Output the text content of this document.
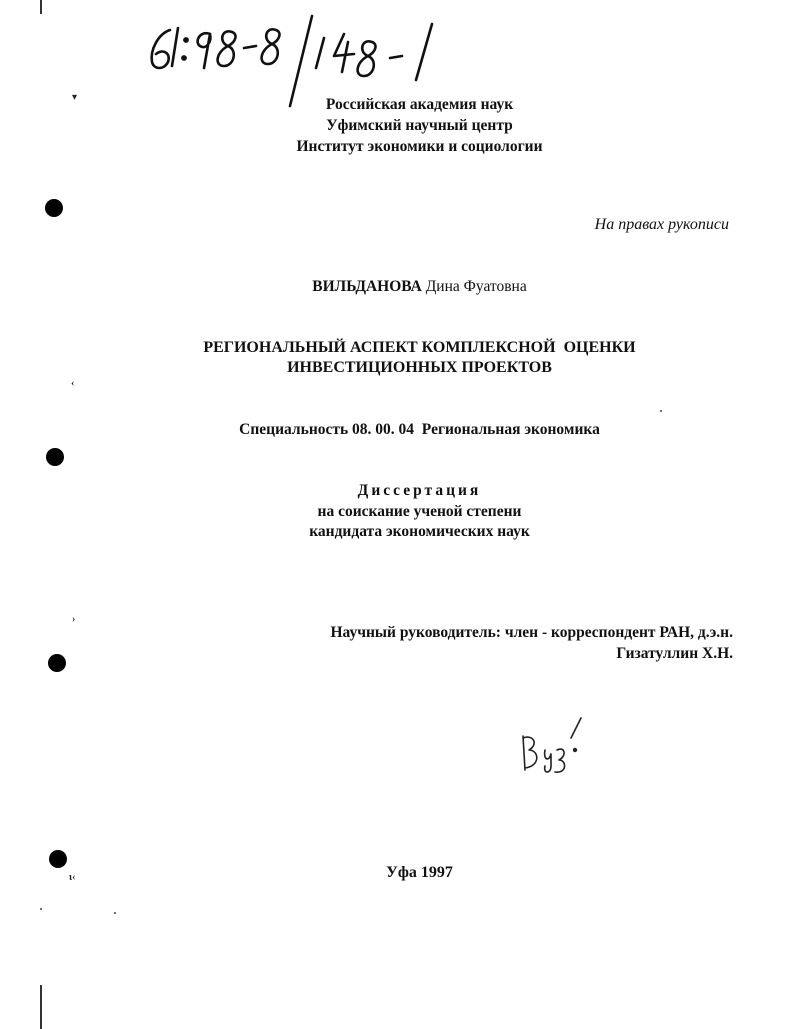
▾
‹
›
ι‹
Российская академия наук
Уфимский научный центр
Институт экономики и социологии
На правах рукописи
ВИЛЬДАНОВА Дина Фуатовна
РЕГИОНАЛЬНЫЙ АСПЕКТ КОМПЛЕКСНОЙ  ОЦЕНКИ
ИНВЕСТИЦИОННЫХ ПРОЕКТОВ
Специальность 08. 00. 04  Региональная экономика
Диссертация
на соискание ученой степени
кандидата экономических наук
Научный руководитель: член - корреспондент РАН, д.э.н.
Гизатуллин Х.Н.
Уфа 1997
